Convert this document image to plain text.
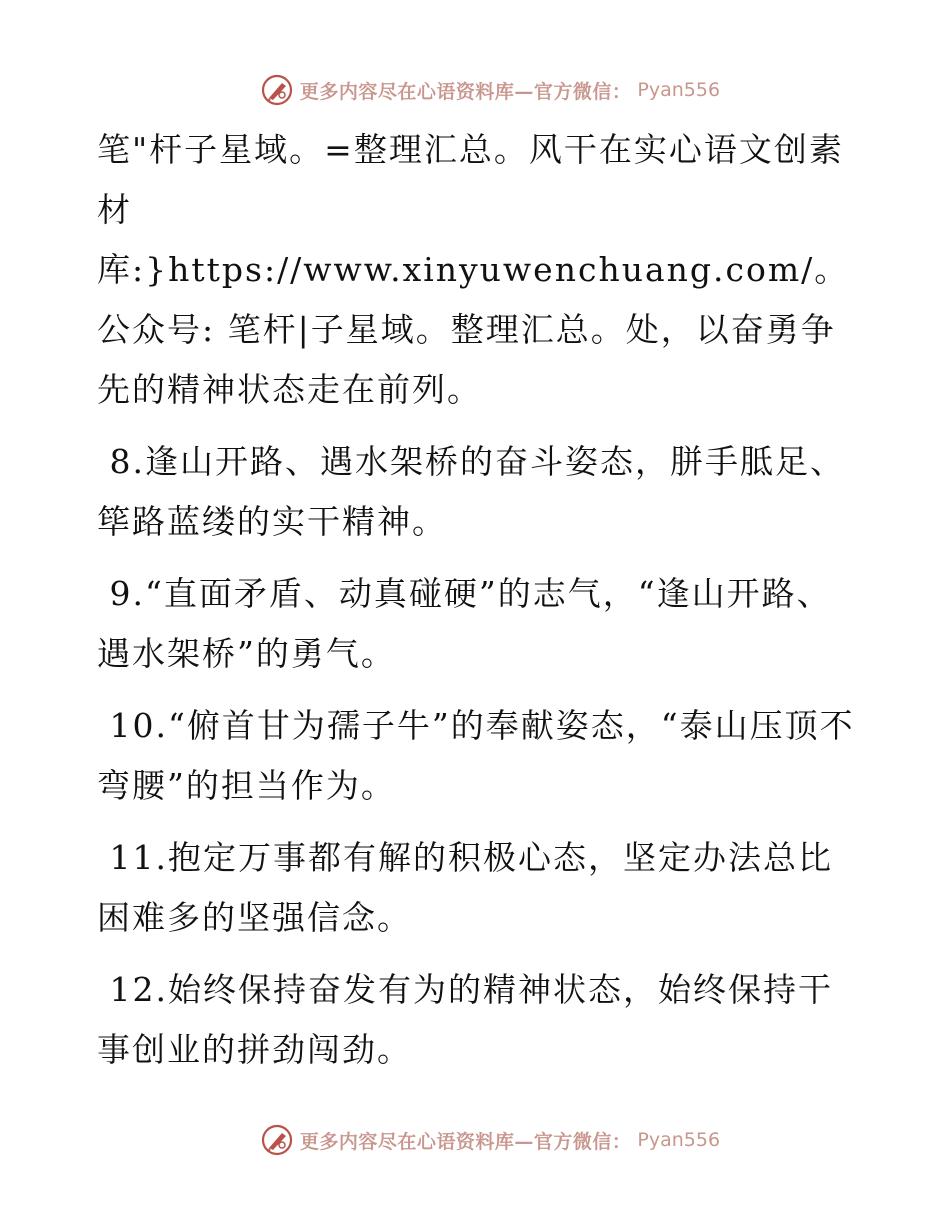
更多内容尽在心语资料库—官方微信： Pyan556

笔"杆子星域。=整理汇总。风干在实心语文创素材库:}https://www.xinyuwenchuang.com/。公众号: 笔杆|子星域。整理汇总。处，以奋勇争先的精神状态走在前列。

8.逢山开路、遇水架桥的奋斗姿态，胼手胝足、筚路蓝缕的实干精神。

9.“直面矛盾、动真碰硬”的志气，“逢山开路、遇水架桥”的勇气。

10.“俯首甘为孺子牛”的奉献姿态，“泰山压顶不弯腰”的担当作为。

11.抱定万事都有解的积极心态，坚定办法总比困难多的坚强信念。

12.始终保持奋发有为的精神状态，始终保持干事创业的拼劲闯劲。

更多内容尽在心语资料库—官方微信： Pyan556
